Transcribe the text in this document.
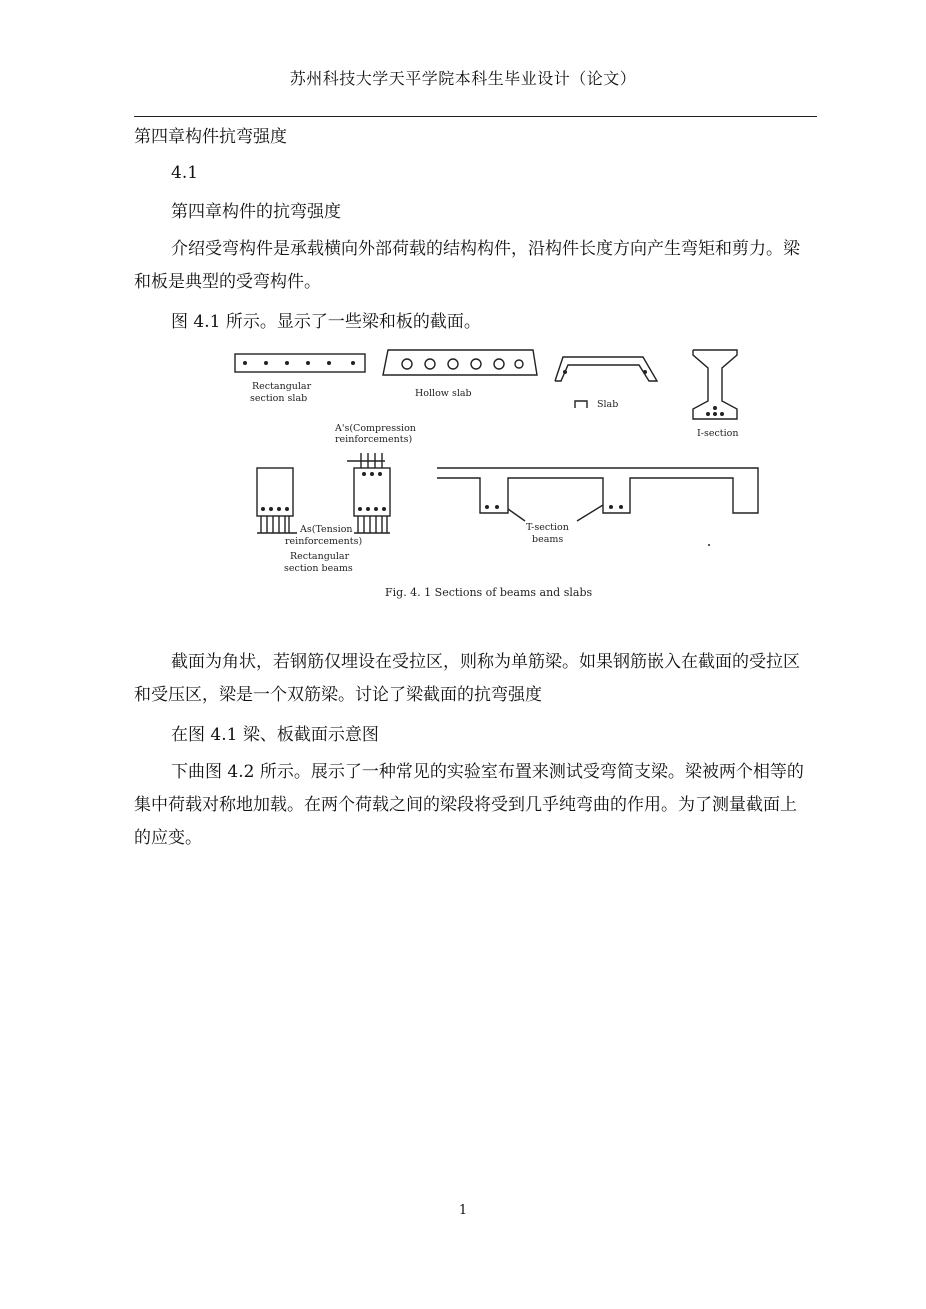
苏州科技大学天平学院本科生毕业设计（论文）

第四章构件抗弯强度

4.1

第四章构件的抗弯强度

介绍受弯构件是承载横向外部荷载的结构构件，沿构件长度方向产生弯矩和剪力。梁和板是典型的受弯构件。

图 4.1 所示。显示了一些梁和板的截面。

Rectangular
section slab	Hollow slab
Slab
I-section
A's(Compression
reinforcements)
As(Tension
reinforcements)
Rectangular
section beams
T-section
beams
Fig. 4. 1 Sections of beams and slabs

截面为角状，若钢筋仅埋设在受拉区，则称为单筋梁。如果钢筋嵌入在截面的受拉区和受压区，梁是一个双筋梁。讨论了梁截面的抗弯强度

在图 4.1 梁、板截面示意图

下曲图 4.2 所示。展示了一种常见的实验室布置来测试受弯简支梁。梁被两个相等的集中荷载对称地加载。在两个荷载之间的梁段将受到几乎纯弯曲的作用。为了测量截面上的应变。

1
